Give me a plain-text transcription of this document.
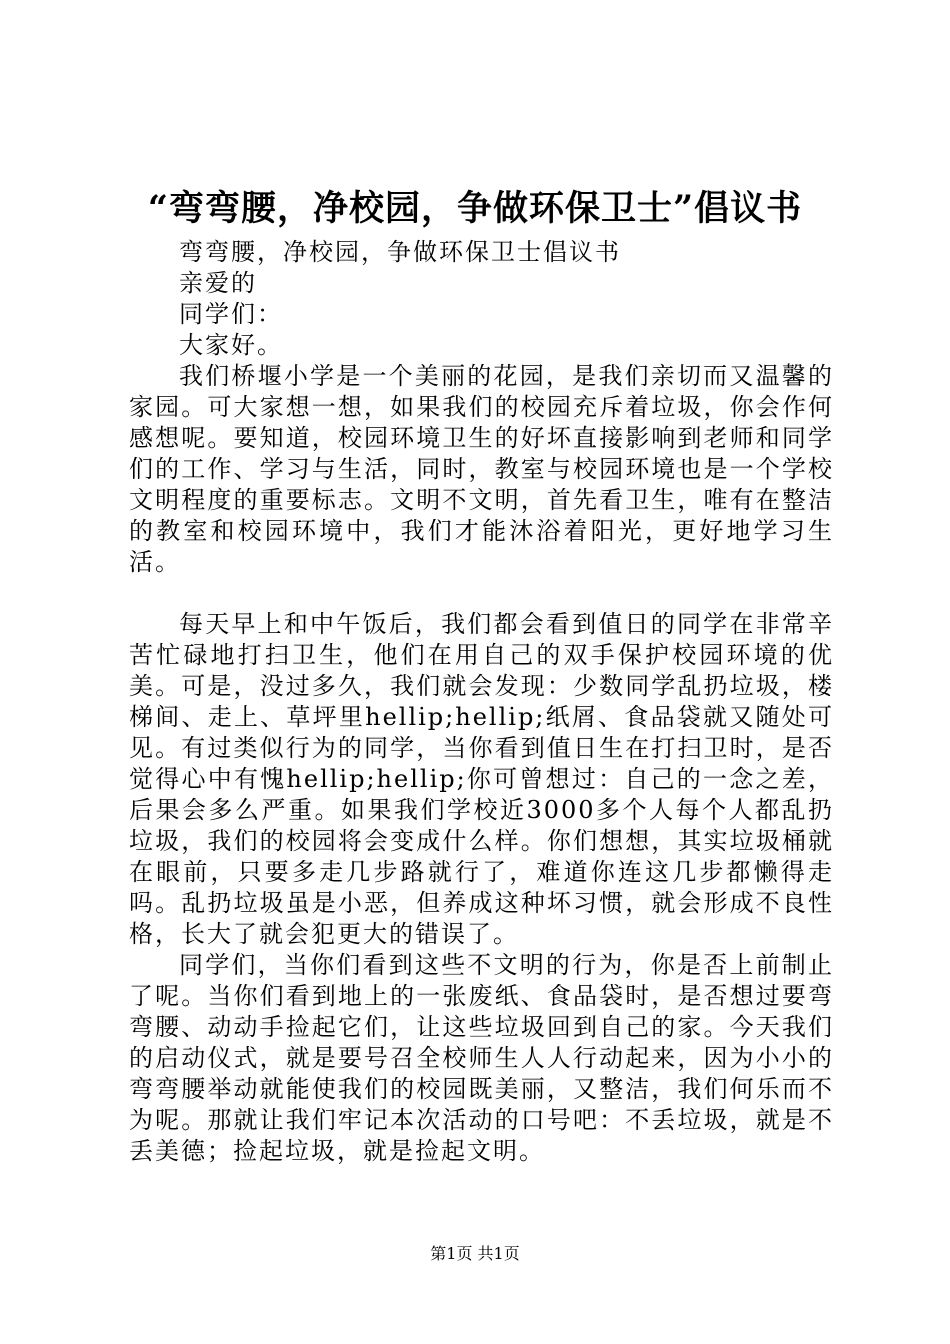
“弯弯腰，净校园，争做环保卫士”倡议书

弯弯腰，净校园，争做环保卫士倡议书

亲爱的

同学们：

大家好。

我们桥堰小学是一个美丽的花园，是我们亲切而又温馨的家园。可大家想一想，如果我们的校园充斥着垃圾，你会作何感想呢。要知道，校园环境卫生的好坏直接影响到老师和同学们的工作、学习与生活，同时，教室与校园环境也是一个学校文明程度的重要标志。文明不文明，首先看卫生，唯有在整洁的教室和校园环境中，我们才能沐浴着阳光，更好地学习生活。

每天早上和中午饭后，我们都会看到值日的同学在非常辛苦忙碌地打扫卫生，他们在用自己的双手保护校园环境的优美。可是，没过多久，我们就会发现：少数同学乱扔垃圾，楼梯间、走上、草坪里hellip;hellip;纸屑、食品袋就又随处可见。有过类似行为的同学，当你看到值日生在打扫卫时，是否觉得心中有愧hellip;hellip;你可曾想过：自己的一念之差，后果会多么严重。如果我们学校近3000多个人每个人都乱扔垃圾，我们的校园将会变成什么样。你们想想，其实垃圾桶就在眼前，只要多走几步路就行了，难道你连这几步都懒得走吗。乱扔垃圾虽是小恶，但养成这种坏习惯，就会形成不良性格，长大了就会犯更大的错误了。

同学们，当你们看到这些不文明的行为，你是否上前制止了呢。当你们看到地上的一张废纸、食品袋时，是否想过要弯弯腰、动动手捡起它们，让这些垃圾回到自己的家。今天我们的启动仪式，就是要号召全校师生人人行动起来，因为小小的弯弯腰举动就能使我们的校园既美丽，又整洁，我们何乐而不为呢。那就让我们牢记本次活动的口号吧：不丢垃圾，就是不丢美德；捡起垃圾，就是捡起文明。

第1页 共1页
